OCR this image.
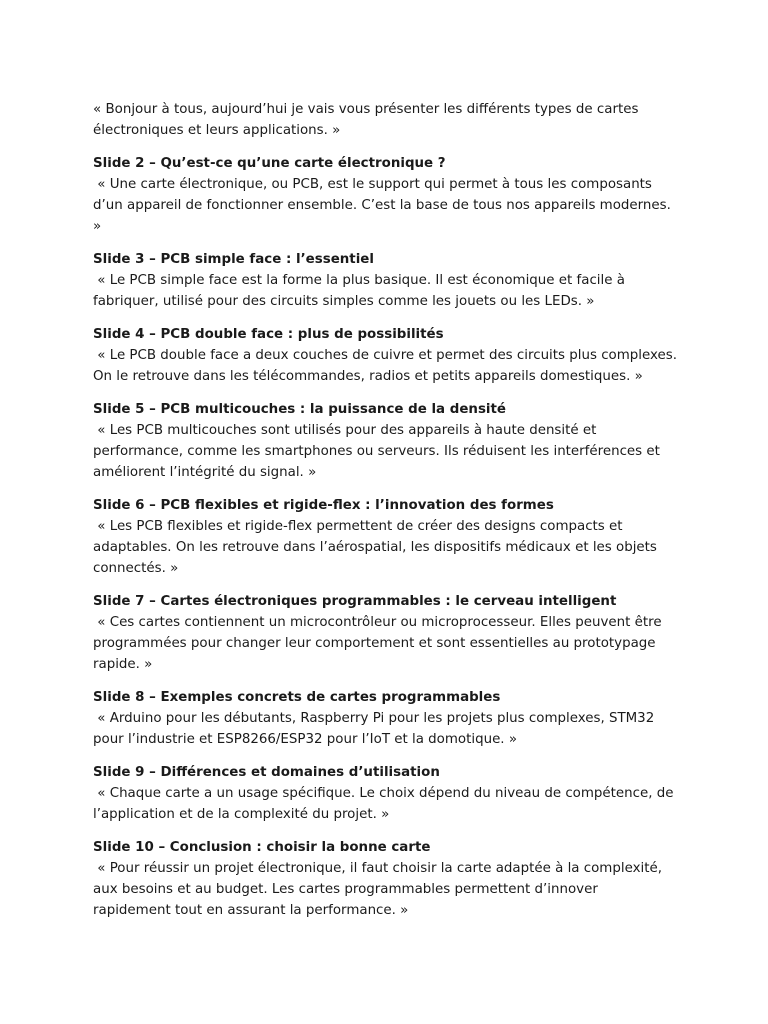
« Bonjour à tous, aujourd’hui je vais vous présenter les différents types de cartes électroniques et leurs applications. »

Slide 2 – Qu’est-ce qu’une carte électronique ?

« Une carte électronique, ou PCB, est le support qui permet à tous les composants d’un appareil de fonctionner ensemble. C’est la base de tous nos appareils modernes. »

Slide 3 – PCB simple face : l’essentiel

« Le PCB simple face est la forme la plus basique. Il est économique et facile à fabriquer, utilisé pour des circuits simples comme les jouets ou les LEDs. »

Slide 4 – PCB double face : plus de possibilités

« Le PCB double face a deux couches de cuivre et permet des circuits plus complexes. On le retrouve dans les télécommandes, radios et petits appareils domestiques. »

Slide 5 – PCB multicouches : la puissance de la densité

« Les PCB multicouches sont utilisés pour des appareils à haute densité et performance, comme les smartphones ou serveurs. Ils réduisent les interférences et améliorent l’intégrité du signal. »

Slide 6 – PCB flexibles et rigide-flex : l’innovation des formes

« Les PCB flexibles et rigide-flex permettent de créer des designs compacts et adaptables. On les retrouve dans l’aérospatial, les dispositifs médicaux et les objets connectés. »

Slide 7 – Cartes électroniques programmables : le cerveau intelligent

« Ces cartes contiennent un microcontrôleur ou microprocesseur. Elles peuvent être programmées pour changer leur comportement et sont essentielles au prototypage rapide. »

Slide 8 – Exemples concrets de cartes programmables

« Arduino pour les débutants, Raspberry Pi pour les projets plus complexes, STM32 pour l’industrie et ESP8266/ESP32 pour l’IoT et la domotique. »

Slide 9 – Différences et domaines d’utilisation

« Chaque carte a un usage spécifique. Le choix dépend du niveau de compétence, de l’application et de la complexité du projet. »

Slide 10 – Conclusion : choisir la bonne carte

« Pour réussir un projet électronique, il faut choisir la carte adaptée à la complexité, aux besoins et au budget. Les cartes programmables permettent d’innover rapidement tout en assurant la performance. »
